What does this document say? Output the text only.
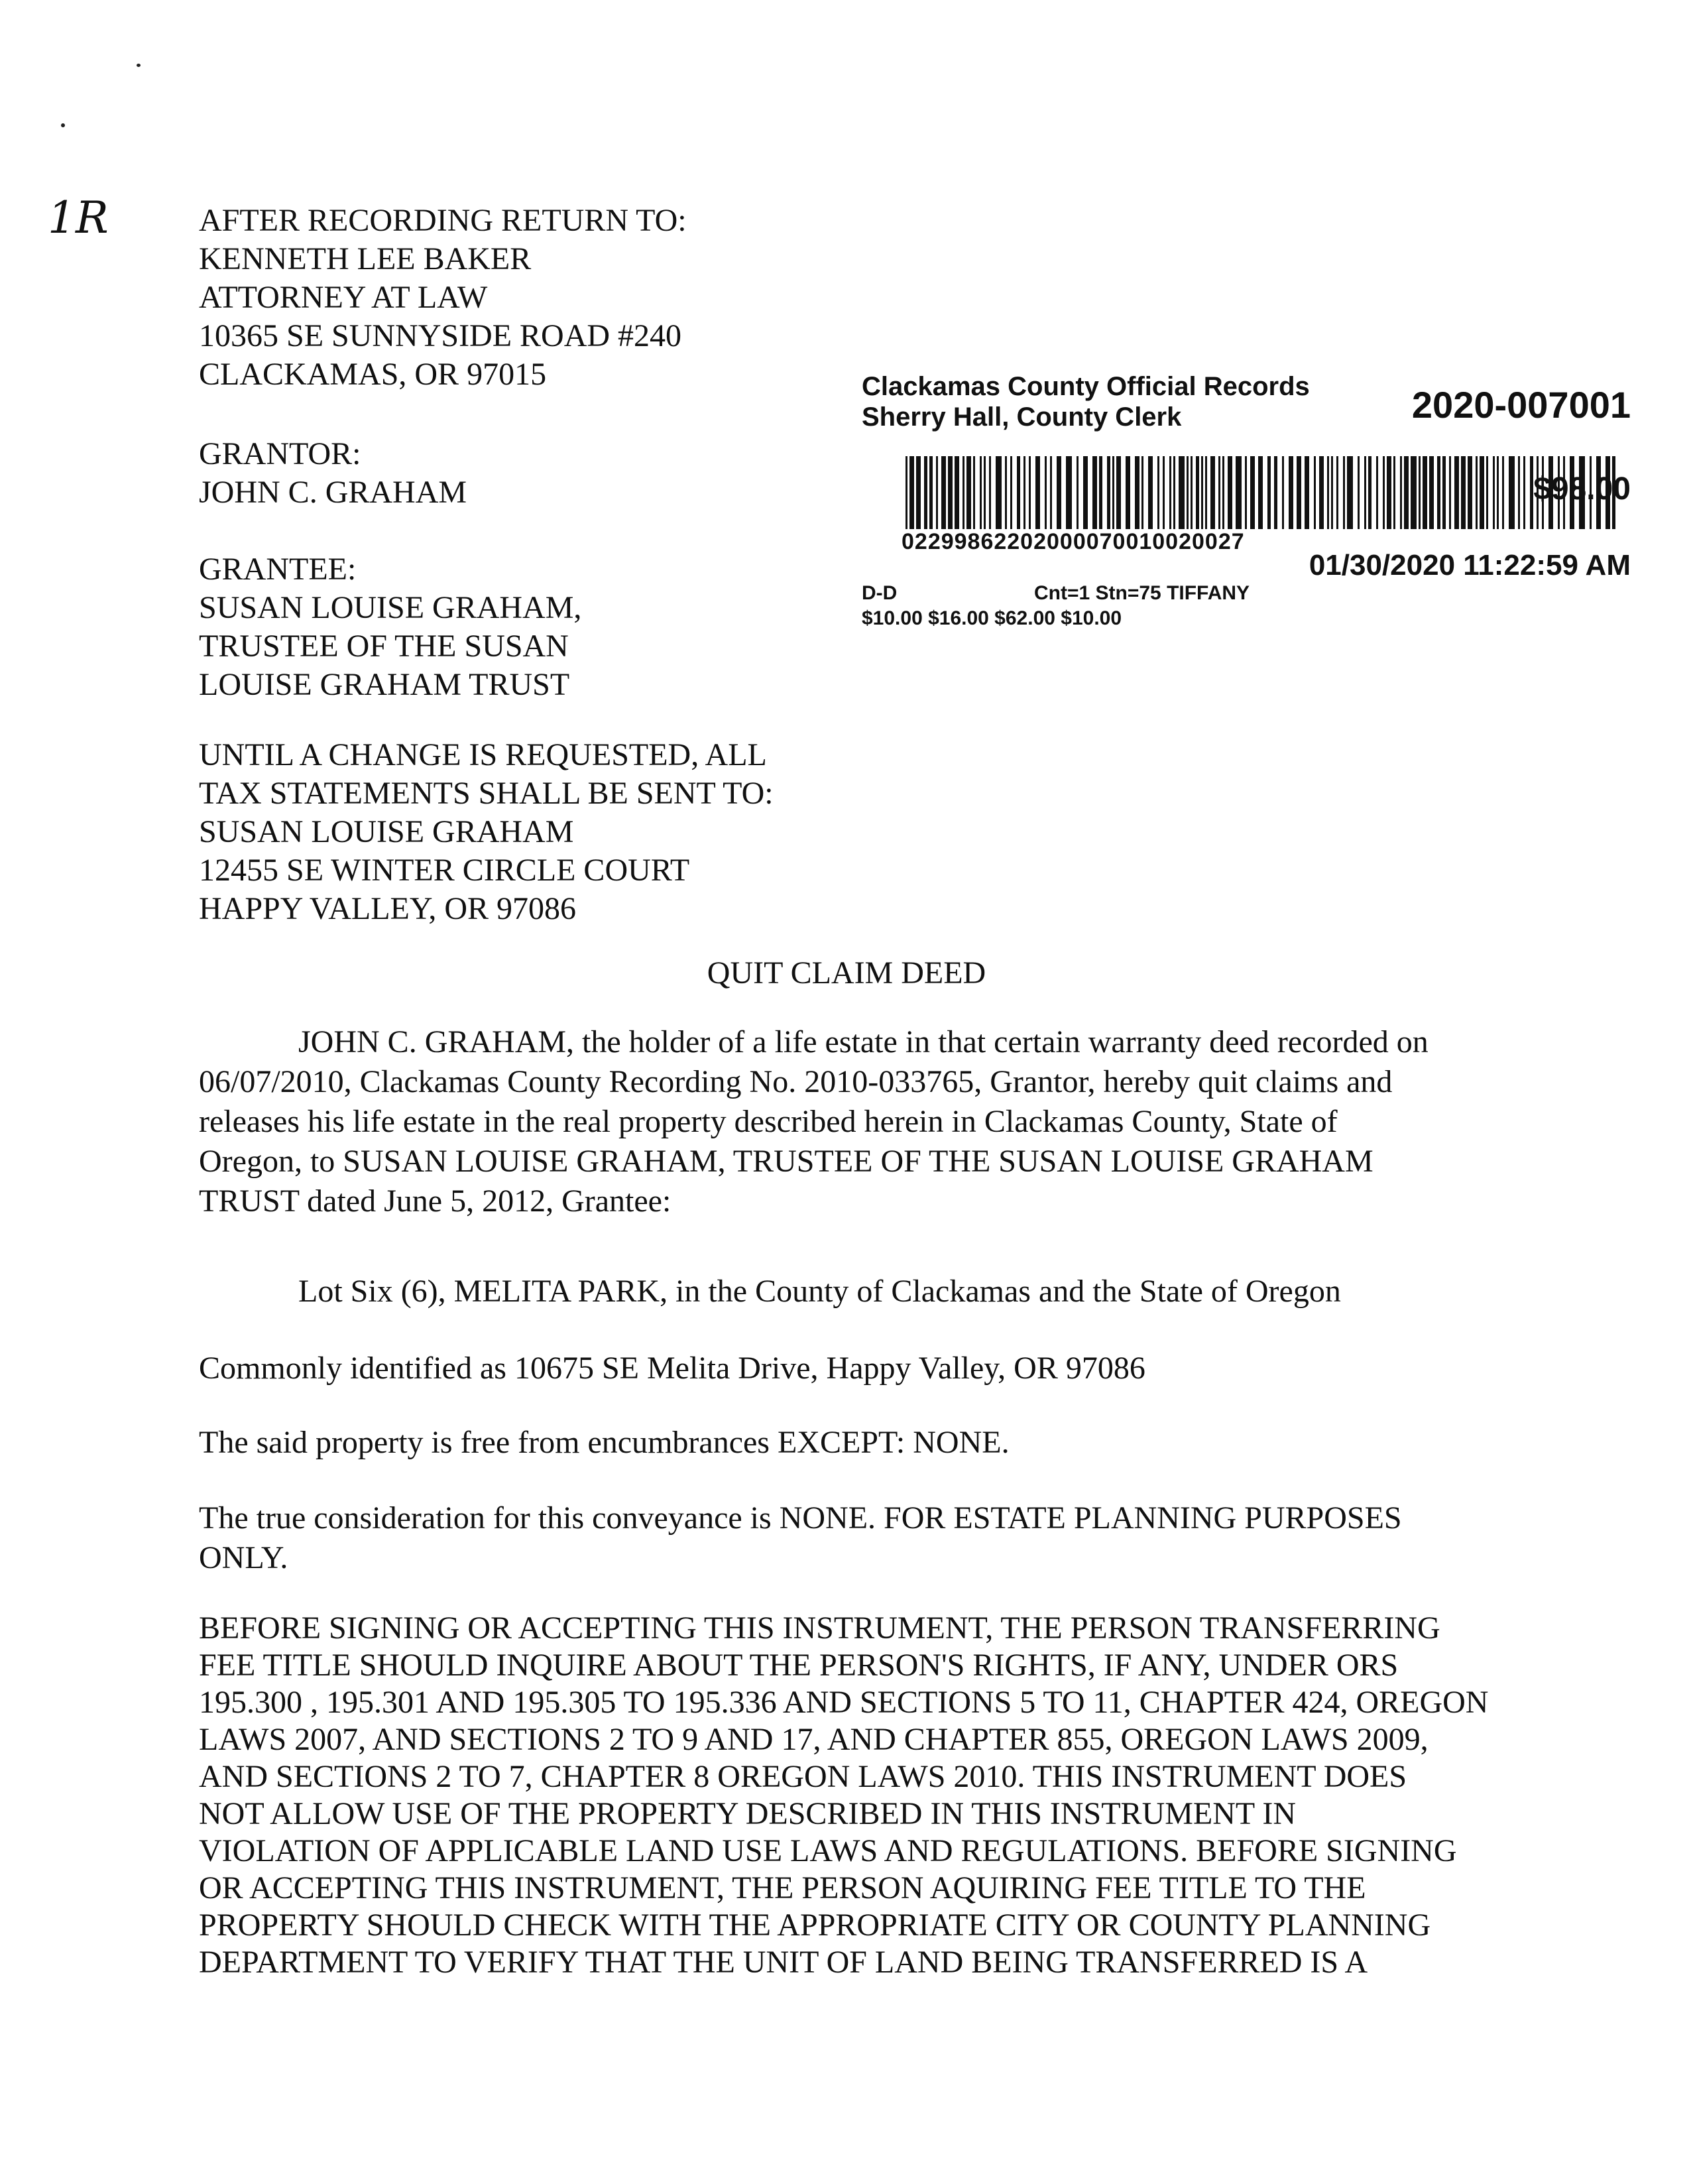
1R	AFTER RECORDING RETURN TO:
KENNETH LEE BAKER
ATTORNEY AT LAW
10365 SE SUNNYSIDE ROAD #240
CLACKAMAS, OR 97015
GRANTOR:
JOHN C. GRAHAM
GRANTEE:
SUSAN LOUISE GRAHAM,
TRUSTEE OF THE SUSAN
LOUISE GRAHAM TRUST
UNTIL A CHANGE IS REQUESTED, ALL
TAX STATEMENTS SHALL BE SENT TO:
SUSAN LOUISE GRAHAM
12455 SE WINTER CIRCLE COURT
HAPPY VALLEY, OR 97086
Clackamas County Official Records
Sherry Hall, County Clerk	2020-007001
02299862202000070010020027
$98.00
01/30/2020 11:22:59 AM
D-D	Cnt=1 Stn=75 TIFFANY
$10.00 $16.00 $62.00 $10.00
QUIT CLAIM DEED
JOHN C. GRAHAM, the holder of a life estate in that certain warranty deed recorded on
06/07/2010, Clackamas County Recording No. 2010-033765, Grantor, hereby quit claims and
releases his life estate in the real property described herein in Clackamas County, State of
Oregon, to SUSAN LOUISE GRAHAM, TRUSTEE OF THE SUSAN LOUISE GRAHAM
TRUST dated June 5, 2012, Grantee:
Lot Six (6), MELITA PARK, in the County of Clackamas and the State of Oregon
Commonly identified as 10675 SE Melita Drive, Happy Valley, OR 97086
The said property is free from encumbrances EXCEPT: NONE.
The true consideration for this conveyance is NONE. FOR ESTATE PLANNING PURPOSES
ONLY.
BEFORE SIGNING OR ACCEPTING THIS INSTRUMENT, THE PERSON TRANSFERRING
FEE TITLE SHOULD INQUIRE ABOUT THE PERSON'S RIGHTS, IF ANY, UNDER ORS
195.300 , 195.301 AND 195.305 TO 195.336 AND SECTIONS 5 TO 11, CHAPTER 424, OREGON
LAWS 2007, AND SECTIONS 2 TO 9 AND 17, AND CHAPTER 855, OREGON LAWS 2009,
AND SECTIONS 2 TO 7, CHAPTER 8 OREGON LAWS 2010. THIS INSTRUMENT DOES
NOT ALLOW USE OF THE PROPERTY DESCRIBED IN THIS INSTRUMENT IN
VIOLATION OF APPLICABLE LAND USE LAWS AND REGULATIONS. BEFORE SIGNING
OR ACCEPTING THIS INSTRUMENT, THE PERSON AQUIRING FEE TITLE TO THE
PROPERTY SHOULD CHECK WITH THE APPROPRIATE CITY OR COUNTY PLANNING
DEPARTMENT TO VERIFY THAT THE UNIT OF LAND BEING TRANSFERRED IS A
